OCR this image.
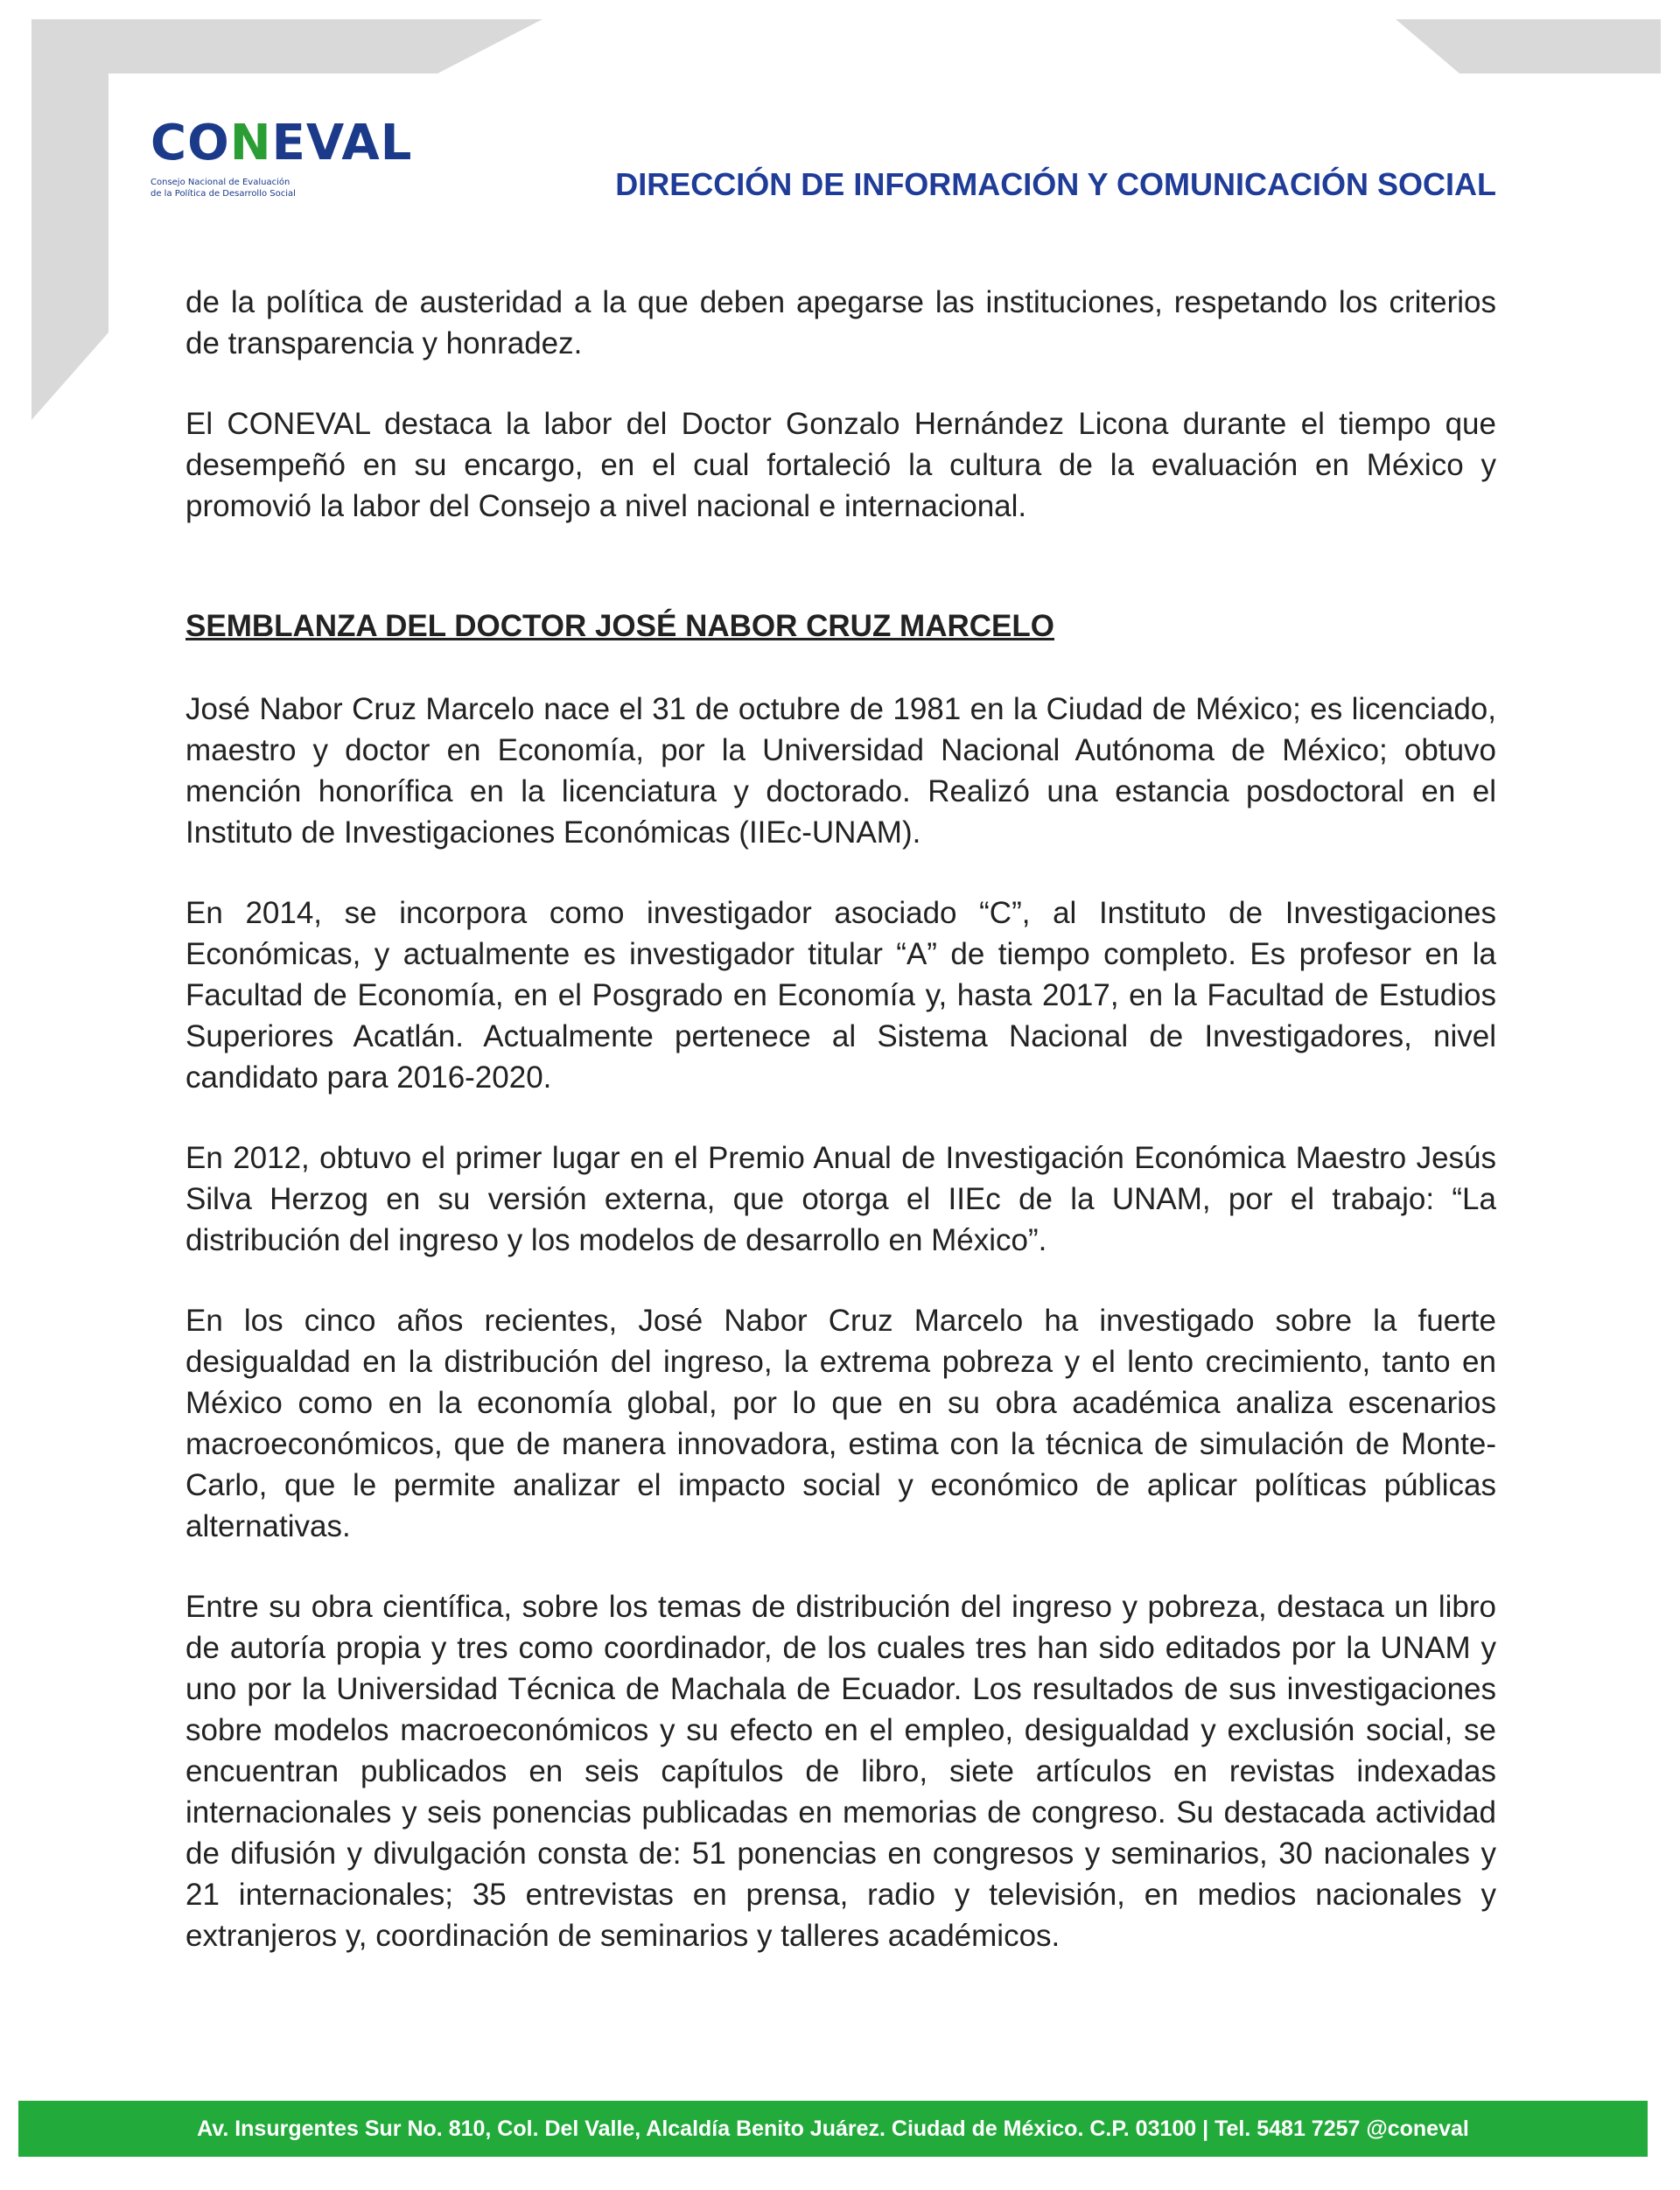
CONEVAL
Consejo Nacional de Evaluación
de la Política de Desarrollo Social	DIRECCIÓN DE INFORMACIÓN Y COMUNICACIÓN SOCIAL

de la política de austeridad a la que deben apegarse las instituciones, respetando los criterios de transparencia y honradez.

El CONEVAL destaca la labor del Doctor Gonzalo Hernández Licona durante el tiempo que desempeñó en su encargo, en el cual fortaleció la cultura de la evaluación en México y promovió la labor del Consejo a nivel nacional e internacional.

SEMBLANZA DEL DOCTOR JOSÉ NABOR CRUZ MARCELO

José Nabor Cruz Marcelo nace el 31 de octubre de 1981 en la Ciudad de México; es licenciado, maestro y doctor en Economía, por la Universidad Nacional Autónoma de México; obtuvo mención honorífica en la licenciatura y doctorado. Realizó una estancia posdoctoral en el Instituto de Investigaciones Económicas (IIEc-UNAM).

En 2014, se incorpora como investigador asociado “C”, al Instituto de Investigaciones Económicas, y actualmente es investigador titular “A” de tiempo completo. Es profesor en la Facultad de Economía, en el Posgrado en Economía y, hasta 2017, en la Facultad de Estudios Superiores Acatlán. Actualmente pertenece al Sistema Nacional de Investigadores, nivel candidato para 2016-2020.

En 2012, obtuvo el primer lugar en el Premio Anual de Investigación Económica Maestro Jesús Silva Herzog en su versión externa, que otorga el IIEc de la UNAM, por el trabajo: “La distribución del ingreso y los modelos de desarrollo en México”.

En los cinco años recientes, José Nabor Cruz Marcelo ha investigado sobre la fuerte desigualdad en la distribución del ingreso, la extrema pobreza y el lento crecimiento, tanto en México como en la economía global, por lo que en su obra académica analiza escenarios macroeconómicos, que de manera innovadora, estima con la técnica de simulación de Monte-Carlo, que le permite analizar el impacto social y económico de aplicar políticas públicas alternativas.

Entre su obra científica, sobre los temas de distribución del ingreso y pobreza, destaca un libro de autoría propia y tres como coordinador, de los cuales tres han sido editados por la UNAM y uno por la Universidad Técnica de Machala de Ecuador. Los resultados de sus investigaciones sobre modelos macroeconómicos y su efecto en el empleo, desigualdad y exclusión social, se encuentran publicados en seis capítulos de libro, siete artículos en revistas indexadas internacionales y seis ponencias publicadas en memorias de congreso. Su destacada actividad de difusión y divulgación consta de: 51 ponencias en congresos y seminarios, 30 nacionales y 21 internacionales; 35 entrevistas en prensa, radio y televisión, en medios nacionales y extranjeros y, coordinación de seminarios y talleres académicos.

Av. Insurgentes Sur No. 810, Col. Del Valle, Alcaldía Benito Juárez. Ciudad de México. C.P. 03100 | Tel. 5481 7257 @coneval
